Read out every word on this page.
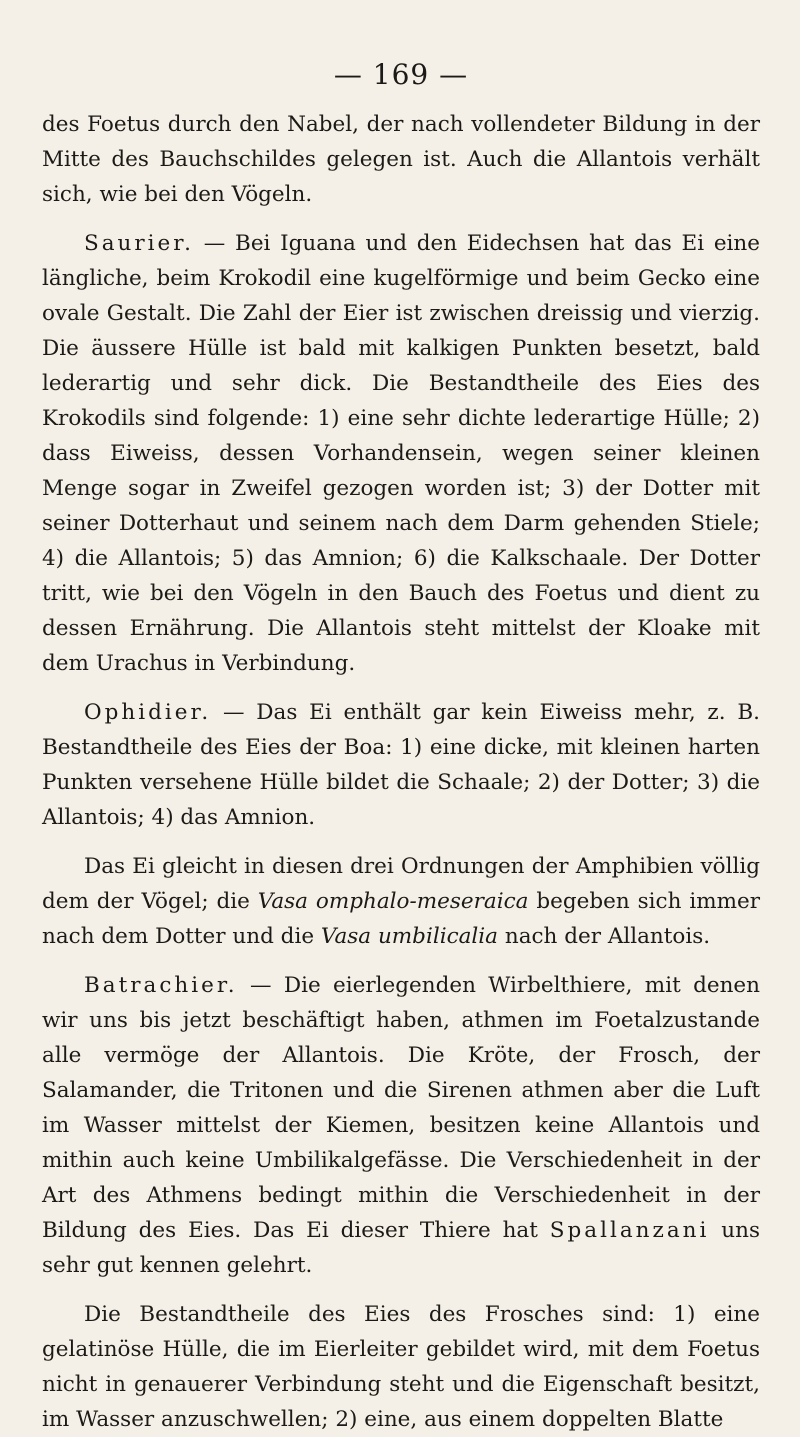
— 169 —

des Foetus durch den Nabel, der nach vollendeter Bildung in der Mitte des Bauchschildes gelegen ist. Auch die Allantois verhält sich, wie bei den Vögeln.

Saurier. — Bei Iguana und den Eidechsen hat das Ei eine längliche, beim Krokodil eine kugelförmige und beim Gecko eine ovale Gestalt. Die Zahl der Eier ist zwischen dreissig und vierzig. Die äussere Hülle ist bald mit kalkigen Punkten besetzt, bald lederartig und sehr dick. Die Bestandtheile des Eies des Krokodils sind folgende: 1) eine sehr dichte lederartige Hülle; 2) dass Eiweiss, dessen Vorhandensein, wegen seiner kleinen Menge sogar in Zweifel gezogen worden ist; 3) der Dotter mit seiner Dotterhaut und seinem nach dem Darm gehenden Stiele; 4) die Allantois; 5) das Amnion; 6) die Kalkschaale. Der Dotter tritt, wie bei den Vögeln in den Bauch des Foetus und dient zu dessen Ernährung. Die Allantois steht mittelst der Kloake mit dem Urachus in Verbindung.

Ophidier. — Das Ei enthält gar kein Eiweiss mehr, z. B. Bestandtheile des Eies der Boa: 1) eine dicke, mit kleinen harten Punkten versehene Hülle bildet die Schaale; 2) der Dotter; 3) die Allantois; 4) das Amnion.

Das Ei gleicht in diesen drei Ordnungen der Amphibien völlig dem der Vögel; die Vasa omphalo-meseraica begeben sich immer nach dem Dotter und die Vasa umbilicalia nach der Allantois.

Batrachier. — Die eierlegenden Wirbelthiere, mit denen wir uns bis jetzt beschäftigt haben, athmen im Foetalzustande alle vermöge der Allantois. Die Kröte, der Frosch, der Salamander, die Tritonen und die Sirenen athmen aber die Luft im Wasser mittelst der Kiemen, besitzen keine Allantois und mithin auch keine Umbilikalgefässe. Die Verschiedenheit in der Art des Athmens bedingt mithin die Verschiedenheit in der Bildung des Eies. Das Ei dieser Thiere hat Spallanzani uns sehr gut kennen gelehrt.

Die Bestandtheile des Eies des Frosches sind: 1) eine gelatinöse Hülle, die im Eierleiter gebildet wird, mit dem Foetus nicht in genauerer Verbindung steht und die Eigenschaft besitzt, im Wasser anzuschwellen; 2) eine, aus einem doppelten Blatte
